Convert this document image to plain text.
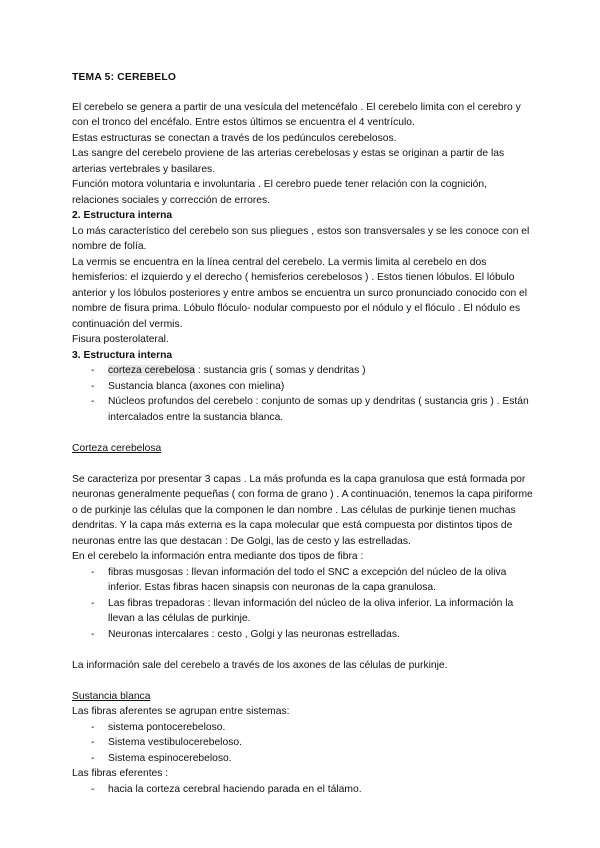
TEMA 5: CEREBELO

El cerebelo se genera a partir de una vesícula del metencéfalo . El cerebelo limita con el cerebro y con el tronco del encéfalo. Entre estos últimos se encuentra el 4 ventrículo.

Estas estructuras se conectan a través de los pedúnculos cerebelosos.

Las sangre del cerebelo proviene de las arterias cerebelosas y estas se originan a partir de las arterias vertebrales y basilares.

Función motora voluntaria e involuntaria . El cerebro puede tener relación con la cognición, relaciones sociales y corrección de errores.

2. Estructura interna

Lo más característico del cerebelo son sus pliegues , estos son transversales y se les conoce con el nombre de folía.

La vermis se encuentra en la línea central del cerebelo. La vermis limita al cerebelo en dos hemisferios: el izquierdo y el derecho ( hemisferios cerebelosos ) . Estos tienen lóbulos. El lóbulo anterior y los lóbulos posteriores y entre ambos se encuentra un surco pronunciado conocido con el nombre de fisura prima. Lóbulo flóculo- nodular compuesto por el nódulo y el flóculo . El nódulo es continuación del vermis.

Fisura posterolateral.

3. Estructura interna

- corteza cerebelosa : sustancia gris ( somas y dendritas )
- Sustancia blanca (axones con mielina)
- Núcleos profundos del cerebelo : conjunto de somas up y dendritas ( sustancia gris ) . Están intercalados entre la sustancia blanca.

Corteza cerebelosa

Se caracteriza por presentar 3 capas . La más profunda es la capa granulosa que está formada por neuronas generalmente pequeñas ( con forma de grano ) . A continuación, tenemos la capa piriforme o de purkinje las células que la componen le dan nombre . Las células de purkinje tienen muchas dendritas. Y la capa más externa es la capa molecular que está compuesta por distintos tipos de neuronas entre las que destacan : De Golgi, las de cesto y las estrelladas.

En el cerebelo la información entra mediante dos tipos de fibra :

- fibras musgosas : llevan información del todo el SNC a excepción del núcleo de la oliva inferior. Estas fibras hacen sinapsis con neuronas de la capa granulosa.
- Las fibras trepadoras : llevan información del núcleo de la oliva inferior. La información la llevan a las células de purkinje.
- Neuronas intercalares : cesto , Golgi y las neuronas estrelladas.

La información sale del cerebelo a través de los axones de las células de purkinje.

Sustancia blanca

Las fibras aferentes se agrupan entre sistemas:

- sistema pontocerebeloso.
- Sistema vestibulocerebeloso.
- Sistema espinocerebeloso.

Las fibras eferentes :

- hacia la corteza cerebral haciendo parada en el tálamo.
